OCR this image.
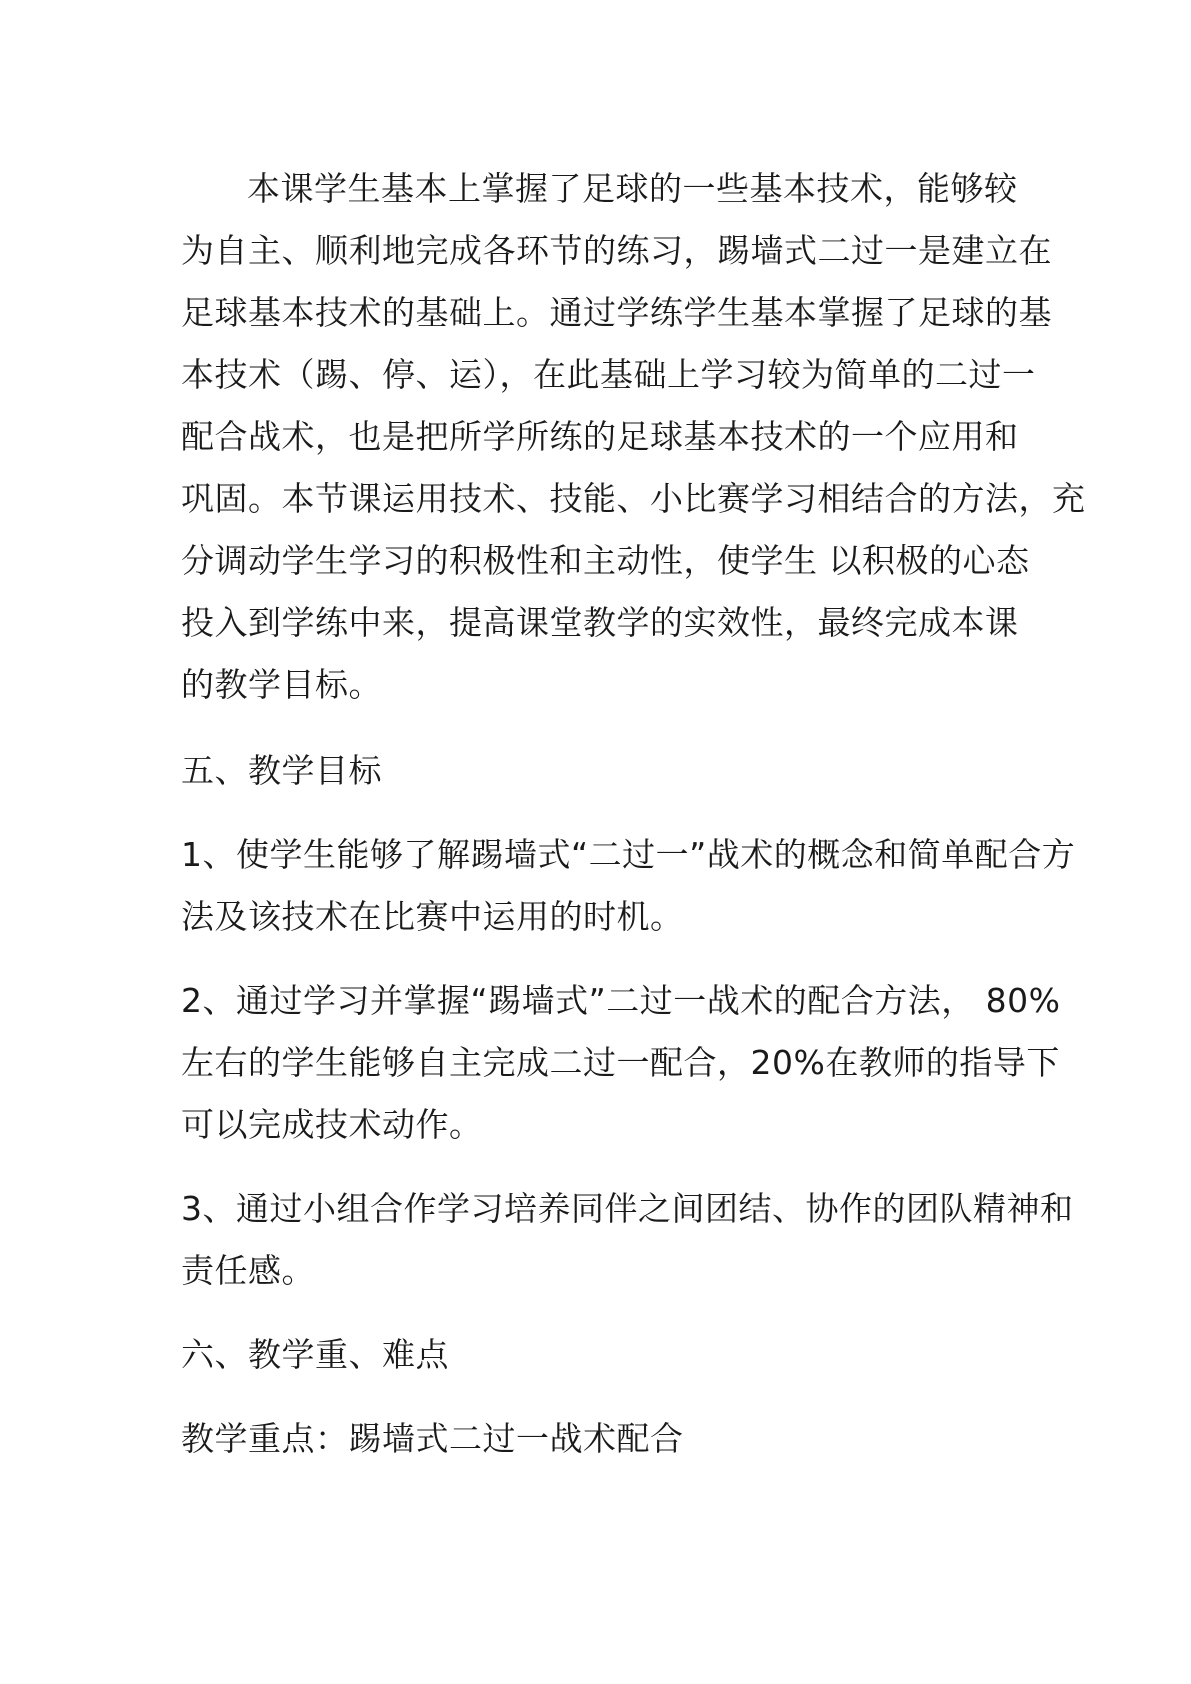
本课学生基本上掌握了足球的一些基本技术，能够较
为自主、顺利地完成各环节的练习，踢墙式二过一是建立在
足球基本技术的基础上。通过学练学生基本掌握了足球的基
本技术（踢、停、运），在此基础上学习较为简单的二过一
配合战术，也是把所学所练的足球基本技术的一个应用和
巩固。本节课运用技术、技能、小比赛学习相结合的方法，充
分调动学生学习的积极性和主动性，使学生 以积极的心态
投入到学练中来，提高课堂教学的实效性，最终完成本课
的教学目标。

五、教学目标

1、使学生能够了解踢墙式“二过一”战术的概念和简单配合方
法及该技术在比赛中运用的时机。

2、通过学习并掌握“踢墙式”二过一战术的配合方法， 80%
左右的学生能够自主完成二过一配合，20%在教师的指导下
可以完成技术动作。

3、通过小组合作学习培养同伴之间团结、协作的团队精神和
责任感。

六、教学重、难点

教学重点：踢墙式二过一战术配合
